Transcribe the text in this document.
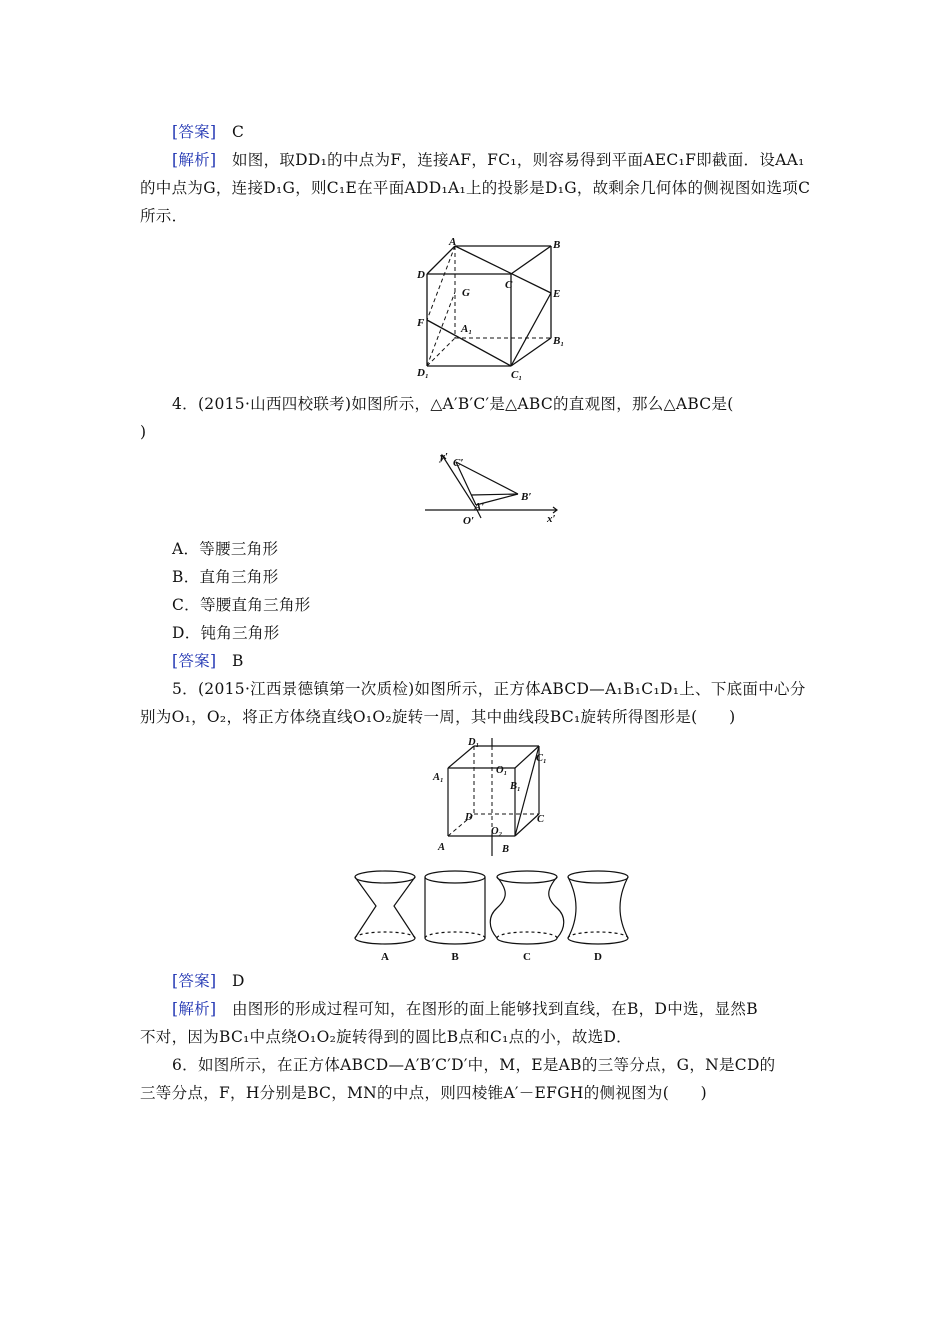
[答案] C
[解析] 如图，取DD₁的中点为F，连接AF，FC₁，则容易得到平面AEC₁F即截面．设AA₁
的中点为G，连接D₁G，则C₁E在平面ADD₁A₁上的投影是D₁G，故剩余几何体的侧视图如选项C
所示．
A	B
D
C
G	E
F	A₁
B₁
D₁	C₁
4．(2015·山西四校联考)如图所示，△A′B′C′是△ABC的直观图，那么△ABC是(
)
y′ C′
B′
A′
O′	x′
A．等腰三角形
B．直角三角形
C．等腰直角三角形
D．钝角三角形
[答案] B
5．(2015·江西景德镇第一次质检)如图所示，正方体ABCD—A₁B₁C₁D₁上、下底面中心分
别为O₁，O₂，将正方体绕直线O₁O₂旋转一周，其中曲线段BC₁旋转所得图形是(　　)
D₁
C₁
O₁
A₁
B₁
D	C
O₂
A	B
A	B	C	D
[答案] D
[解析] 由图形的形成过程可知，在图形的面上能够找到直线，在B，D中选，显然B
不对，因为BC₁中点绕O₁O₂旋转得到的圆比B点和C₁点的小，故选D．
6．如图所示，在正方体ABCD—A′B′C′D′中，M，E是AB的三等分点，G，N是CD的
三等分点，F，H分别是BC，MN的中点，则四棱锥A′－EFGH的侧视图为(　　)
